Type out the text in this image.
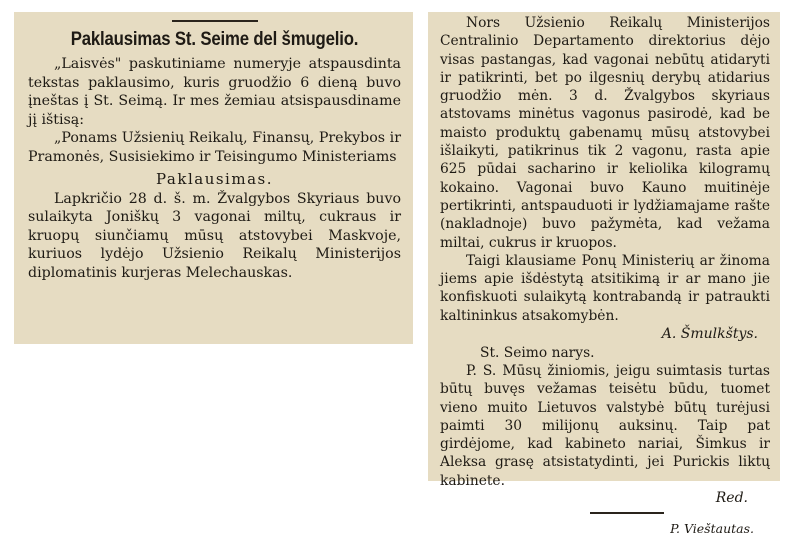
Paklausimas St. Seime del šmugelio.

„Laisvės" paskutiniame numeryje atspausdinta tekstas paklausimo, kuris gruodžio 6 dieną buvo įneštas į St. Seimą. Ir mes žemiau atsispausdiname jį ištisą:

„Ponams Užsienių Reikalų, Finansų, Prekybos ir Pramonės, Susisiekimo ir Teisingumo Ministeriams

Paklausimas.

Lapkričio 28 d. š. m. Žvalgybos Skyriaus buvo sulaikyta Joniškų 3 vagonai miltų, cukraus ir kruopų siunčiamų mūsų atstovybei Maskvoje, kuriuos lydėjo Užsienio Reikalų Ministerijos diplomatinis kurjeras Melechauskas.

Nors Užsienio Reikalų Ministerijos Centralinio Departamento direktorius dėjo visas pastangas, kad vagonai nebūtų atidaryti ir patikrinti, bet po ilgesnių derybų atidarius gruodžio mėn. 3 d. Žvalgybos skyriaus atstovams minėtus vagonus pasirodė, kad be maisto produktų gabenamų mūsų atstovybei išlaikyti, patikrinus tik 2 vagonu, rasta apie 625 pūdai sacharino ir keliolika kilogramų kokaino. Vagonai buvo Kauno muitinėje pertikrinti, antspauduoti ir lydžiamajame rašte (nakladnoje) buvo pažymėta, kad vežama miltai, cukrus ir kruopos.

Taigi klausiame Ponų Ministerių ar žinoma jiems apie išdėstytą atsitikimą ir ar mano jie konfiskuoti sulaikytą kontrabandą ir patraukti kaltininkus atsakomybėn.

A. Šmulkštys.

St. Seimo narys.

P. S. Mūsų žiniomis, jeigu suimtasis turtas būtų buvęs vežamas teisėtu būdu, tuomet vieno muito Lietuvos valstybė būtų turėjusi paimti 30 milijonų auksinų. Taip pat girdėjome, kad kabineto nariai, Šimkus ir Aleksa grasę atsistatydinti, jei Purickis liktų kabinete.

Red.

P. Vieštautas.
